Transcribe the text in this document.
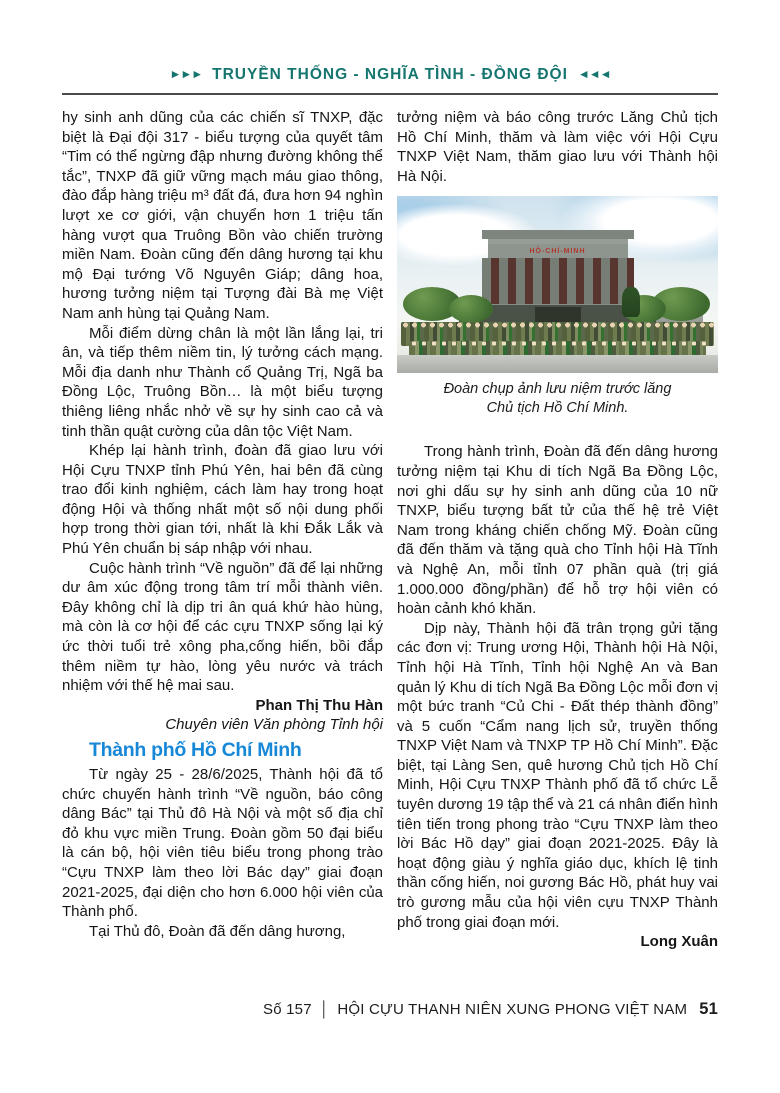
►►► TRUYỀN THỐNG - NGHĨA TÌNH - ĐỒNG ĐỘI ◄◄◄

hy sinh anh dũng của các chiến sĩ TNXP, đặc biệt là Đại đội 317 - biểu tượng của quyết tâm “Tim có thể ngừng đập nhưng đường không thể tắc”, TNXP đã giữ vững mạch máu giao thông, đào đắp hàng triệu m³ đất đá, đưa hơn 94 nghìn lượt xe cơ giới, vận chuyển hơn 1 triệu tấn hàng vượt qua Truông Bồn vào chiến trường miền Nam. Đoàn cũng đến dâng hương tại khu mộ Đại tướng Võ Nguyên Giáp; dâng hoa, hương tưởng niệm tại Tượng đài Bà mẹ Việt Nam anh hùng tại Quảng Nam.

Mỗi điểm dừng chân là một lần lắng lại, tri ân, và tiếp thêm niềm tin, lý tưởng cách mạng. Mỗi địa danh như Thành cổ Quảng Trị, Ngã ba Đồng Lộc, Truông Bồn… là một biểu tượng thiêng liêng nhắc nhở về sự hy sinh cao cả và tinh thần quật cường của dân tộc Việt Nam.

Khép lại hành trình, đoàn đã giao lưu với Hội Cựu TNXP tỉnh Phú Yên, hai bên đã cùng trao đổi kinh nghiệm, cách làm hay trong hoạt động Hội và thống nhất một số nội dung phối hợp trong thời gian tới, nhất là khi Đắk Lắk và Phú Yên chuẩn bị sáp nhập với nhau.

Cuộc hành trình “Về nguồn” đã để lại những dư âm xúc động trong tâm trí mỗi thành viên. Đây không chỉ là dịp tri ân quá khứ hào hùng, mà còn là cơ hội để các cựu TNXP sống lại ký ức thời tuổi trẻ xông pha,cống hiến, bồi đắp thêm niềm tự hào, lòng yêu nước và trách nhiệm với thế hệ mai sau.

Phan Thị Thu Hàn

Chuyên viên Văn phòng Tỉnh hội

Thành phố Hồ Chí Minh

Từ ngày 25 - 28/6/2025, Thành hội đã tổ chức chuyến hành trình “Về nguồn, báo công dâng Bác” tại Thủ đô Hà Nội và một số địa chỉ đỏ khu vực miền Trung. Đoàn gồm 50 đại biểu là cán bộ, hội viên tiêu biểu trong phong trào “Cựu TNXP làm theo lời Bác dạy” giai đoạn 2021-2025, đại diện cho hơn 6.000 hội viên của Thành phố.

Tại Thủ đô, Đoàn đã đến dâng hương,

tưởng niệm và báo công trước Lăng Chủ tịch Hồ Chí Minh, thăm và làm việc với Hội Cựu TNXP Việt Nam, thăm giao lưu với Thành hội Hà Nội.

HỒ-CHÍ-MINH
Đoàn chụp ảnh lưu niệm trước lăng
Chủ tịch Hồ Chí Minh.

Trong hành trình, Đoàn đã đến dâng hương tưởng niệm tại Khu di tích Ngã Ba Đồng Lộc, nơi ghi dấu sự hy sinh anh dũng của 10 nữ TNXP, biểu tượng bất tử của thế hệ trẻ Việt Nam trong kháng chiến chống Mỹ. Đoàn cũng đã đến thăm và tặng quà cho Tỉnh hội Hà Tĩnh và Nghệ An, mỗi tỉnh 07 phần quà (trị giá 1.000.000 đồng/phần) để hỗ trợ hội viên có hoàn cảnh khó khăn.

Dịp này, Thành hội đã trân trọng gửi tặng các đơn vị: Trung ương Hội, Thành hội Hà Nội, Tỉnh hội Hà Tĩnh, Tỉnh hội Nghệ An và Ban quản lý Khu di tích Ngã Ba Đồng Lộc mỗi đơn vị một bức tranh “Củ Chi - Đất thép thành đồng” và 5 cuốn “Cẩm nang lịch sử, truyền thống TNXP Việt Nam và TNXP TP Hồ Chí Minh”. Đặc biệt, tại Làng Sen, quê hương Chủ tịch Hồ Chí Minh, Hội Cựu TNXP Thành phố đã tổ chức Lễ tuyên dương 19 tập thể và 21 cá nhân điển hình tiên tiến trong phong trào “Cựu TNXP làm theo lời Bác Hồ dạy” giai đoạn 2021-2025. Đây là hoạt động giàu ý nghĩa giáo dục, khích lệ tinh thần cống hiến, noi gương Bác Hồ, phát huy vai trò gương mẫu của hội viên cựu TNXP Thành phố trong giai đoạn mới.

Long Xuân

Số 157 │ HỘI CỰU THANH NIÊN XUNG PHONG VIỆT NAM 51
